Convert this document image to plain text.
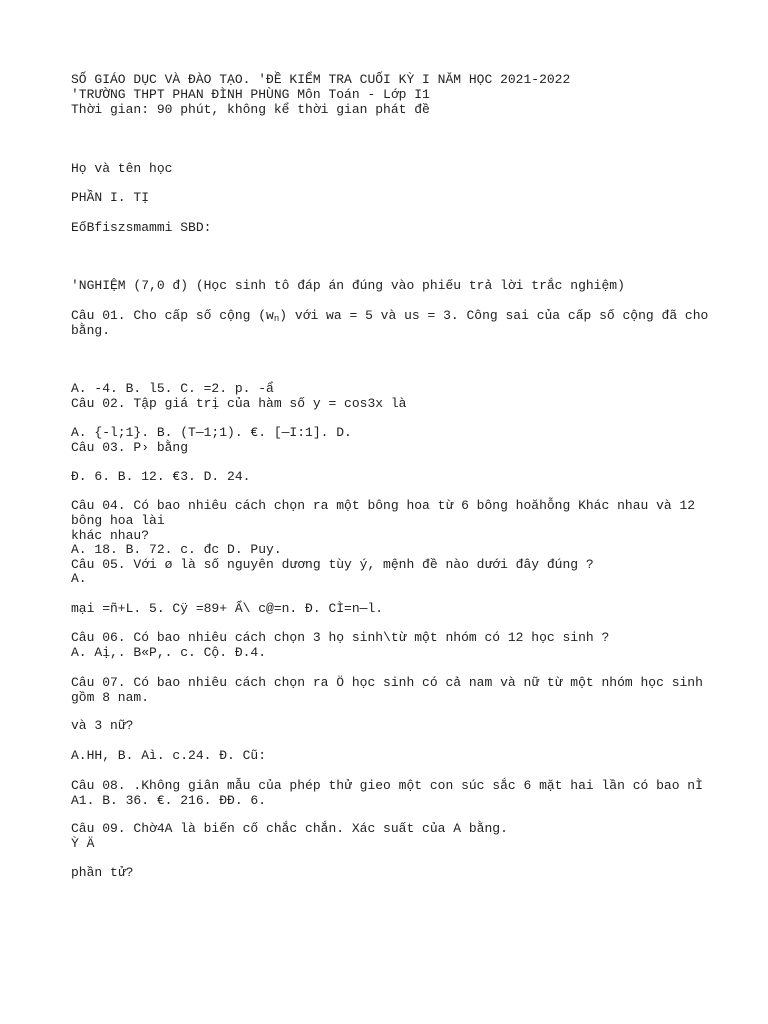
SỐ GIÁO DỤC VÀ ĐÀO TẠO. 'ĐỀ KIỂM TRA CUỐI KỲ I NĂM HỌC 2021-2022
'TRƯỜNG THPT PHAN ĐÌNH PHÙNG Môn Toán - Lớp I1
Thời gian: 90 phút, không kể thời gian phát đề
Họ và tên học
PHẦN I. TỊ
EốBfiszsmammi SBD:
'NGHIỆM (7,0 đ) (Học sinh tô đáp án đúng vào phiếu trả lời trắc nghiệm)
Câu 01. Cho cấp số cộng $(w_n)$ với wa = 5 và us = 3. Công sai của cấp số cộng đã cho
bằng.
A. -4. B. l5. C. =2. p. -ẩ
Câu 02. Tập giá trị của hàm số y = cos3x là
A. {-l;1}. B. (T—1;1). €. [—I:1]. D.
Câu 03. P› bằng
Đ. 6. B. 12. €3. D. 24.
Câu 04. Có bao nhiêu cách chọn ra một bông hoa từ 6 bông hoăhỗng Khác nhau và 12
bông hoa lài
khác nhau?
A. 18. B. 72. c. đc D. Puy.
Câu 05. Với ø là số nguyên dương tùy ý, mệnh đề nào dưới đây đúng ?
A.
mại =ñ+L. 5. Cÿ =89+ Ẩ\ c@=n. Đ. CÌ=n—l.
Câu 06. Có bao nhiêu cách chọn 3 họ sinh\từ một nhóm có 12 học sinh ?
A. Aị,. B«P,. c. Cộ. Đ.4.
Câu 07. Có bao nhiêu cách chọn ra Ö học sinh có cả nam và nữ từ một nhóm học sinh
gồm 8 nam.
và 3 nữ?
A.HH, B. Aì. c.24. Đ. Cũ:
Câu 08. .Không giân mẫu của phép thử gieo một con súc sắc 6 mặt hai lần có bao nÌ
A1. B. 36. €. 216. ĐĐ. 6.
Câu 09. Chờ4A là biến cố chắc chắn. Xác suất của A bằng.
Ỳ Ä
phần tử?
